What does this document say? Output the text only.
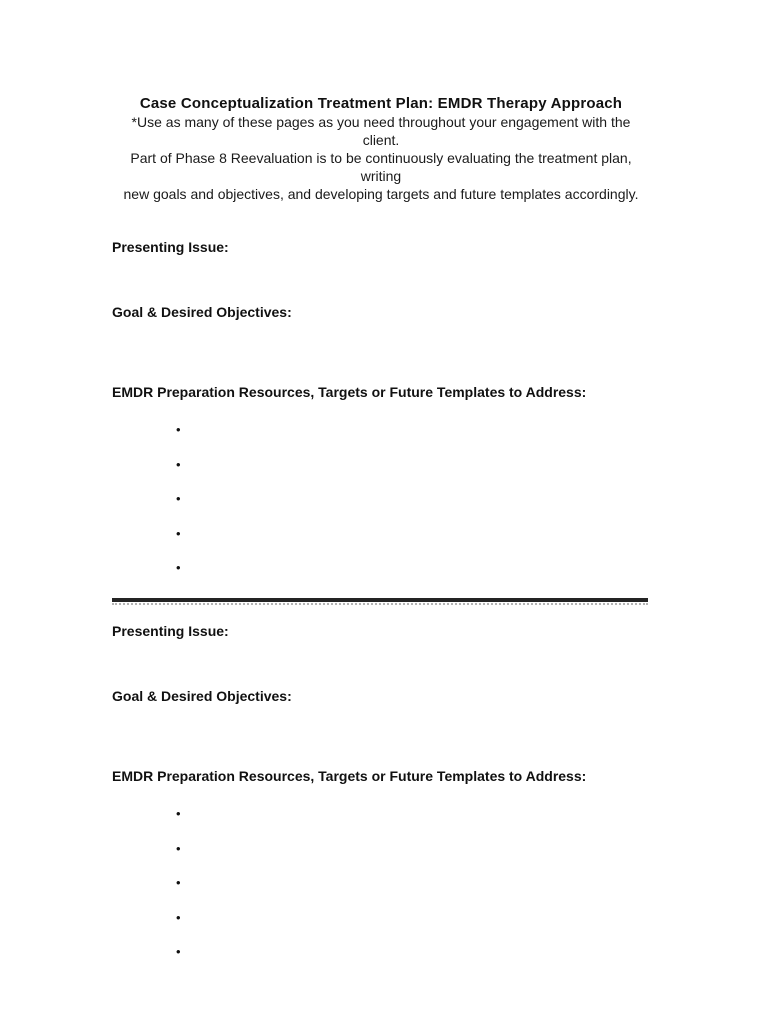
Case Conceptualization Treatment Plan: EMDR Therapy Approach

*Use as many of these pages as you need throughout your engagement with the client.

Part of Phase 8 Reevaluation is to be continuously evaluating the treatment plan, writing

new goals and objectives, and developing targets and future templates accordingly.

Presenting Issue:

Goal & Desired Objectives:

EMDR Preparation Resources, Targets or Future Templates to Address:

•
•
•
•
•

Presenting Issue:

Goal & Desired Objectives:

EMDR Preparation Resources, Targets or Future Templates to Address:

•
•
•
•
•
